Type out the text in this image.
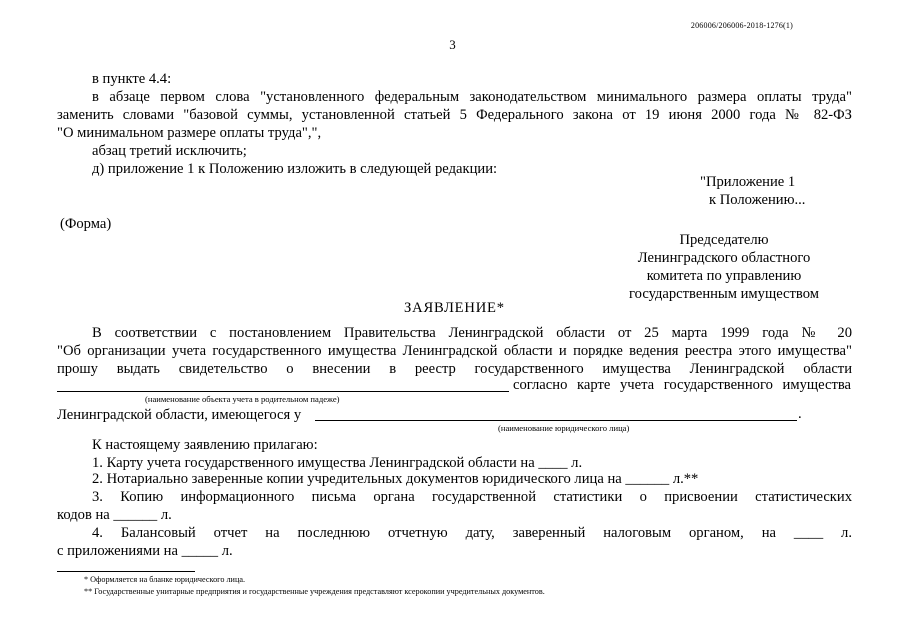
206006/206006-2018-1276(1)
3
в пункте 4.4:
в абзаце первом слова "установленного федеральным законодательством минимального размера оплаты труда"
заменить словами "базовой суммы, установленной статьей 5 Федерального закона от 19 июня 2000 года № 82-ФЗ
"О минимальном размере оплаты труда",",
абзац третий исключить;
д) приложение 1 к Положению изложить в следующей редакции:
"Приложение 1
к Положению...
(Форма)
Председателю
Ленинградского областного
комитета по управлению
государственным имуществом
ЗАЯВЛЕНИЕ*
В соответствии с постановлением Правительства Ленинградской области от 25 марта 1999 года № 20
"Об организации учета государственного имущества Ленинградской области и порядке ведения реестра этого имущества"
прошу выдать свидетельство о внесении в реестр государственного имущества Ленинградской области
согласно карте учета государственного имущества
(наименование объекта учета в родительном падеже)
Ленинградской области, имеющегося у	.
(наименование юридического лица)
К настоящему заявлению прилагаю:
1. Карту учета государственного имущества Ленинградской области на ____ л.
2. Нотариально заверенные копии учредительных документов юридического лица на ______ л.**
3. Копию информационного письма органа государственной статистики о присвоении статистических
кодов на ______ л.
4. Балансовый отчет на последнюю отчетную дату, заверенный налоговым органом, на ____ л.
с приложениями на _____ л.
* Оформляется на бланке юридического лица.
** Государственные унитарные предприятия и государственные учреждения представляют ксерокопии учредительных документов.
